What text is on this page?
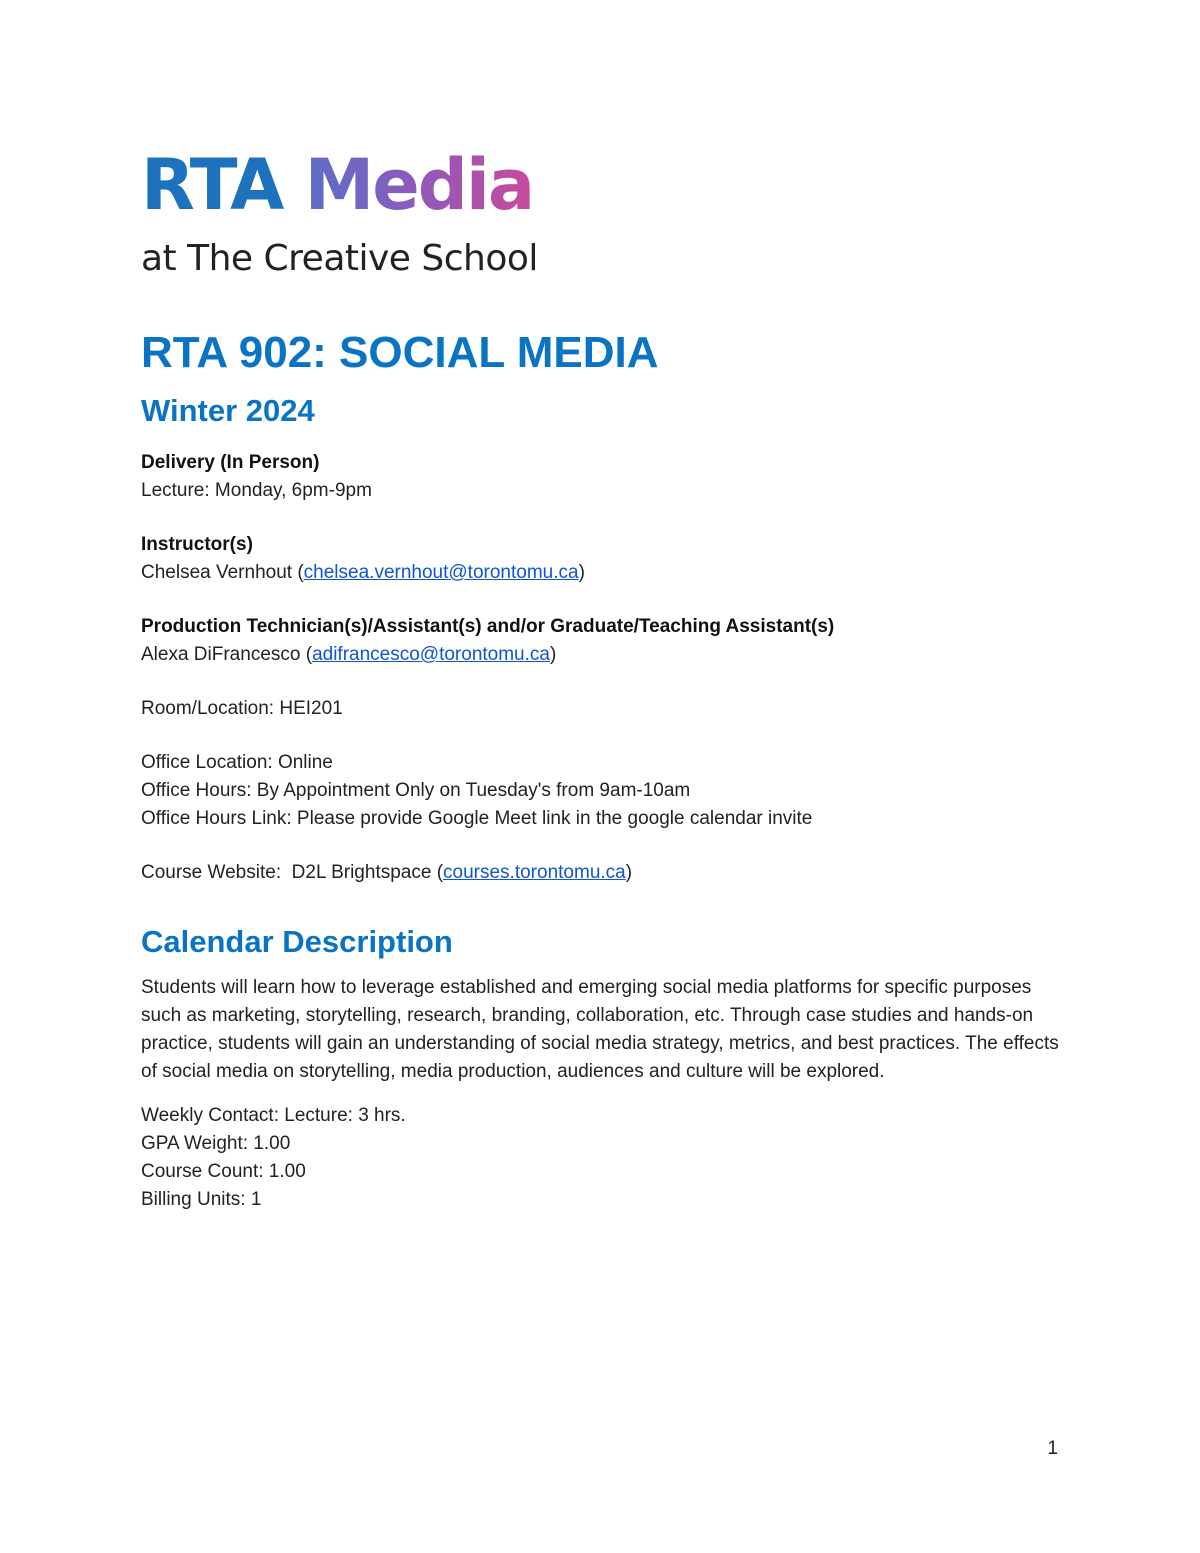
RTA Media
at The Creative School
RTA 902: SOCIAL MEDIA
Winter 2024
Delivery (In Person)
Lecture: Monday, 6pm-9pm
Instructor(s)
Chelsea Vernhout (chelsea.vernhout@torontomu.ca)
Production Technician(s)/Assistant(s) and/or Graduate/Teaching Assistant(s)
Alexa DiFrancesco (adifrancesco@torontomu.ca)
Room/Location: HEI201
Office Location: Online
Office Hours: By Appointment Only on Tuesday's from 9am-10am
Office Hours Link: Please provide Google Meet link in the google calendar invite
Course Website:  D2L Brightspace (courses.torontomu.ca)
Calendar Description

Students will learn how to leverage established and emerging social media platforms for specific purposes such as marketing, storytelling, research, branding, collaboration, etc. Through case studies and hands-on practice, students will gain an understanding of social media strategy, metrics, and best practices. The effects of social media on storytelling, media production, audiences and culture will be explored.

Weekly Contact: Lecture: 3 hrs.
GPA Weight: 1.00
Course Count: 1.00
Billing Units: 1
1
